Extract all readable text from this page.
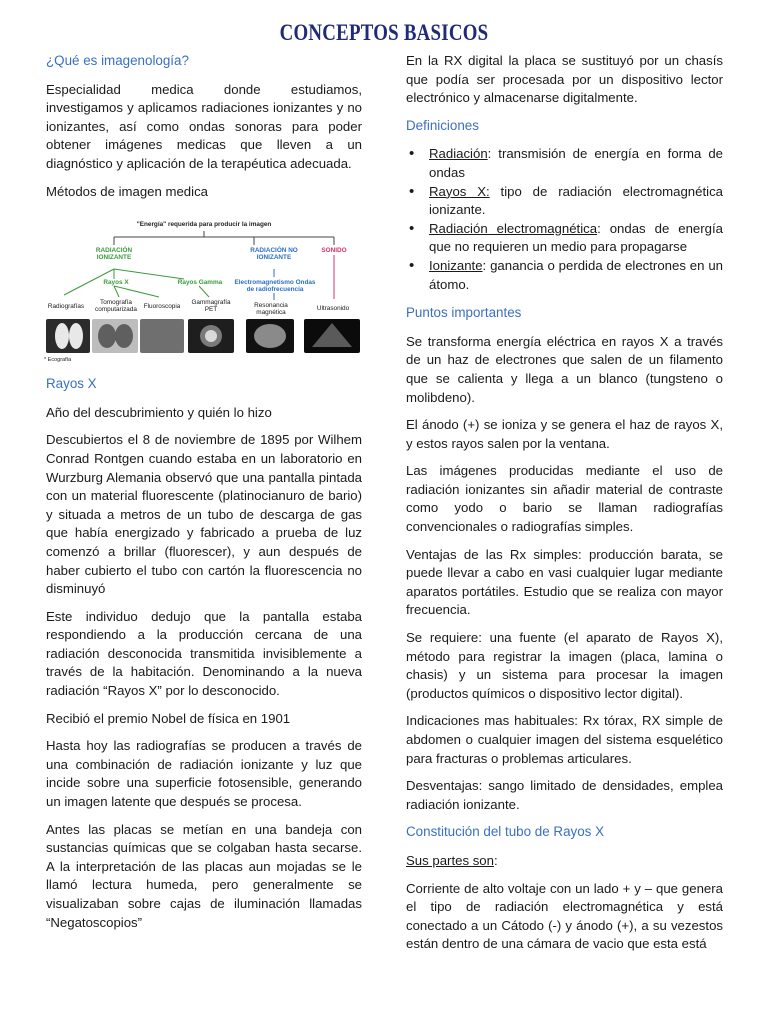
CONCEPTOS BASICOS
¿Qué es imagenología?

Especialidad medica donde estudiamos, investigamos y aplicamos radiaciones ionizantes y no ionizantes, así como ondas sonoras para poder obtener imágenes medicas que lleven a un diagnóstico y aplicación de la terapéutica adecuada.

Métodos de imagen medica

"Energía" requerida para producir la imagen
RADIACIÓN IONIZANTE
RADIACIÓN NO IONIZANTE
SONIDO
Rayos X	Rayos Gamma	Electromagnetismo Ondas de radiofrecuencia
Radiografías
Tomografía computarizada	Fluoroscopia
Gammagrafía PET
Resonancia magnética
Ultrasonido
* Ecografía
Rayos X

Año del descubrimiento y quién lo hizo

Descubiertos el 8 de noviembre de 1895 por Wilhem Conrad Rontgen cuando estaba en un laboratorio en Wurzburg Alemania observó que una pantalla pintada con un material fluorescente (platinocianuro de bario) y situada a metros de un tubo de descarga de gas que había energizado y fabricado a prueba de luz comenzó a brillar (fluorescer), y aun después de haber cubierto el tubo con cartón la fluorescencia no disminuyó

Este individuo dedujo que la pantalla estaba respondiendo a la producción cercana de una radiación desconocida transmitida invisiblemente a través de la habitación. Denominando a la nueva radiación “Rayos X” por lo desconocido.

Recibió el premio Nobel de física en 1901

Hasta hoy las radiografías se producen a través de una combinación de radiación ionizante y luz que incide sobre una superficie fotosensible, generando un imagen latente que después se procesa.

Antes las placas se metían en una bandeja con sustancias químicas que se colgaban hasta secarse. A la interpretación de las placas aun mojadas se le llamó lectura humeda, pero generalmente se visualizaban sobre cajas de iluminación llamadas “Negatoscopios”

En la RX digital la placa se sustituyó por un chasís que podía ser procesada por un dispositivo lector electrónico y almacenarse digitalmente.

Definiciones
• Radiación: transmisión de energía en forma de ondas
• Rayos X: tipo de radiación electromagnética ionizante.
• Radiación electromagnética: ondas de energía que no requieren un medio para propagarse
• Ionizante: ganancia o perdida de electrones en un átomo.
Puntos importantes

Se transforma energía eléctrica en rayos X a través de un haz de electrones que salen de un filamento que se calienta y llega a un blanco (tungsteno o molibdeno).

El ánodo (+) se ioniza y se genera el haz de rayos X, y estos rayos salen por la ventana.

Las imágenes producidas mediante el uso de radiación ionizantes sin añadir material de contraste como yodo o bario se llaman radiografías convencionales o radiografías simples.

Ventajas de las Rx simples: producción barata, se puede llevar a cabo en vasi cualquier lugar mediante aparatos portátiles. Estudio que se realiza con mayor frecuencia.

Se requiere: una fuente (el aparato de Rayos X), método para registrar la imagen (placa, lamina o chasis) y un sistema para procesar la imagen (productos químicos o dispositivo lector digital).

Indicaciones mas habituales: Rx tórax, RX simple de abdomen o cualquier imagen del sistema esquelético para fracturas o problemas articulares.

Desventajas: sango limitado de densidades, emplea radiación ionizante.

Constitución del tubo de Rayos X

Sus partes son:

Corriente de alto voltaje con un lado + y – que genera el tipo de radiación electromagnética y está conectado a un Cátodo (-) y ánodo (+), a su vezestos están dentro de una cámara de vacio que esta está
